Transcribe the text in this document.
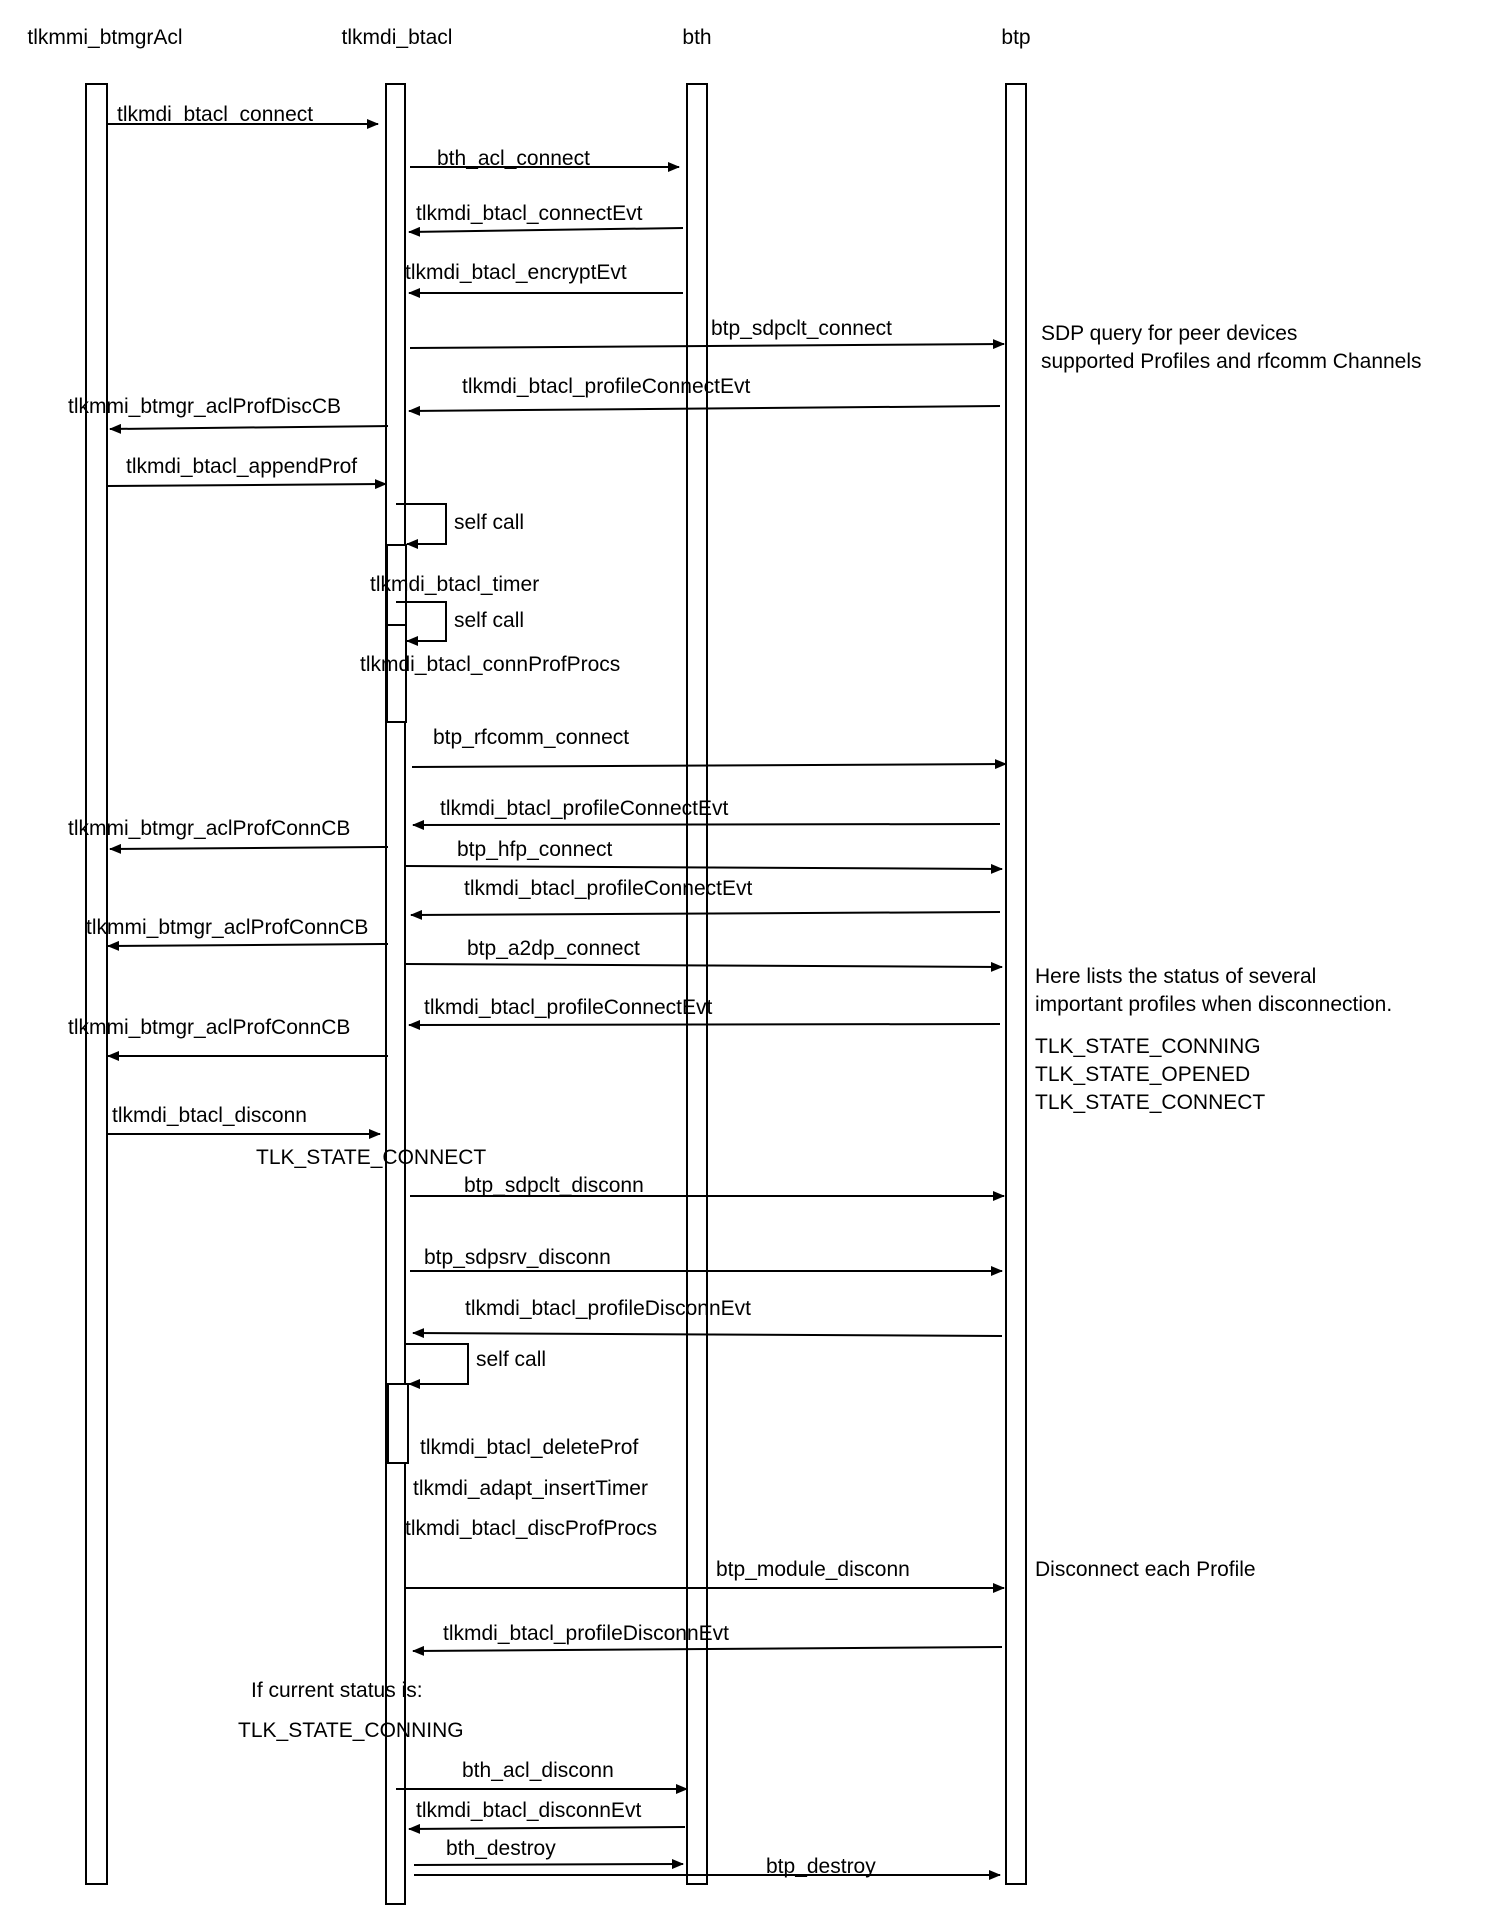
tlkmmi_btmgrAcl	tlkmdi_btacl	bth	btp
tlkmdi_btacl_connect
bth_acl_connect
tlkmdi_btacl_connectEvt
tlkmdi_btacl_encryptEvt
btp_sdpclt_connect
tlkmdi_btacl_profileConnectEvt
tlkmmi_btmgr_aclProfDiscCB
tlkmdi_btacl_appendProf
self call
tlkmdi_btacl_timer
self call
tlkmdi_btacl_connProfProcs
btp_rfcomm_connect
tlkmdi_btacl_profileConnectEvt
tlkmmi_btmgr_aclProfConnCB
btp_hfp_connect
tlkmdi_btacl_profileConnectEvt
tlkmmi_btmgr_aclProfConnCB
btp_a2dp_connect
tlkmdi_btacl_profileConnectEvt
tlkmmi_btmgr_aclProfConnCB
tlkmdi_btacl_disconn
TLK_STATE_CONNECT
btp_sdpclt_disconn
btp_sdpsrv_disconn
tlkmdi_btacl_profileDisconnEvt
self call
tlkmdi_btacl_deleteProf
tlkmdi_adapt_insertTimer
tlkmdi_btacl_discProfProcs
btp_module_disconn
tlkmdi_btacl_profileDisconnEvt
If current status is:
TLK_STATE_CONNING
bth_acl_disconn
tlkmdi_btacl_disconnEvt
bth_destroy
btp_destroy
SDP query for peer devices
supported Profiles and rfcomm Channels
Here lists the status of several
important profiles when disconnection.
TLK_STATE_CONNING
TLK_STATE_OPENED
TLK_STATE_CONNECT
Disconnect each Profile
